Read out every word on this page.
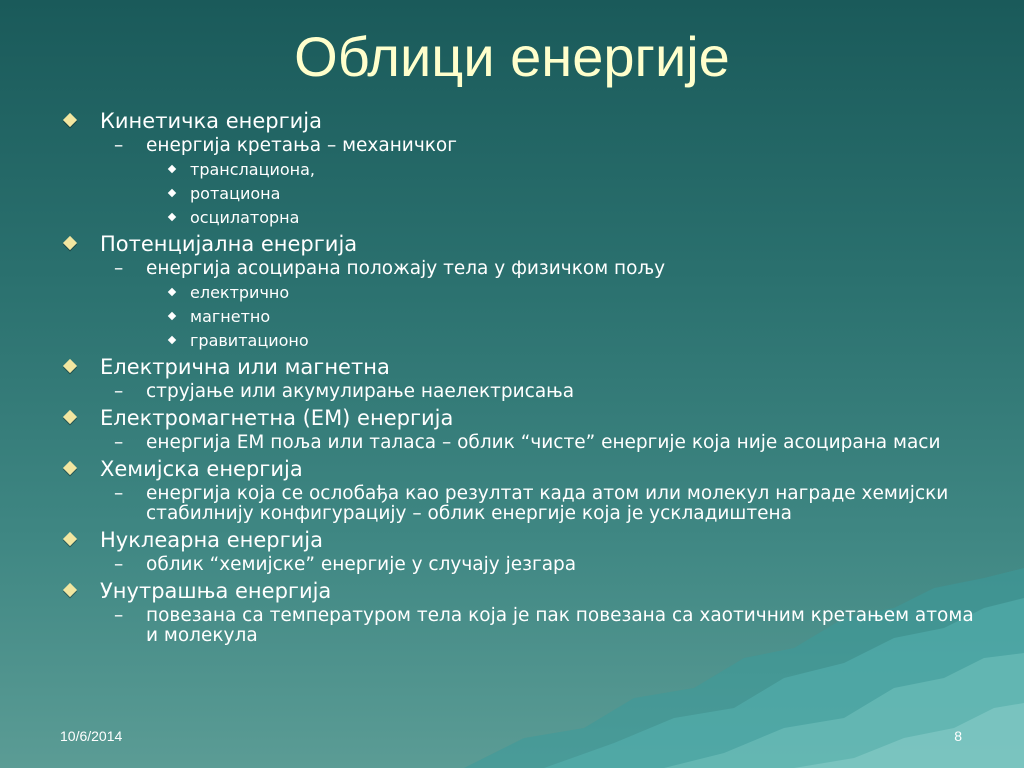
Облици енергије
Кинетичка енергија
– енергија кретања – механичког
транслациона,
ротациона
осцилаторна
Потенцијална енергија
– енергија асоцирана положају тела у физичком пољу
електрично
магнетно
гравитационо
Електрична или магнетна
– струјање или акумулирање наелектрисања
Електромагнетна (ЕМ) енергија
– енергија ЕМ поља или таласа – облик “чисте” енергије која није асоцирана маси
Хемијска енергија
– енергија која се ослобађа као резултат када атом или молекул награде хемијски стабилнију конфигурацију – облик енергије која је ускладиштена
Нуклеарна енергија
– облик “хемијске” енергије у случају језгара
Унутрашња енергија
– повезана са температуром тела која је пак повезана са хаотичним кретањем атома и молекула
10/6/2014	8
